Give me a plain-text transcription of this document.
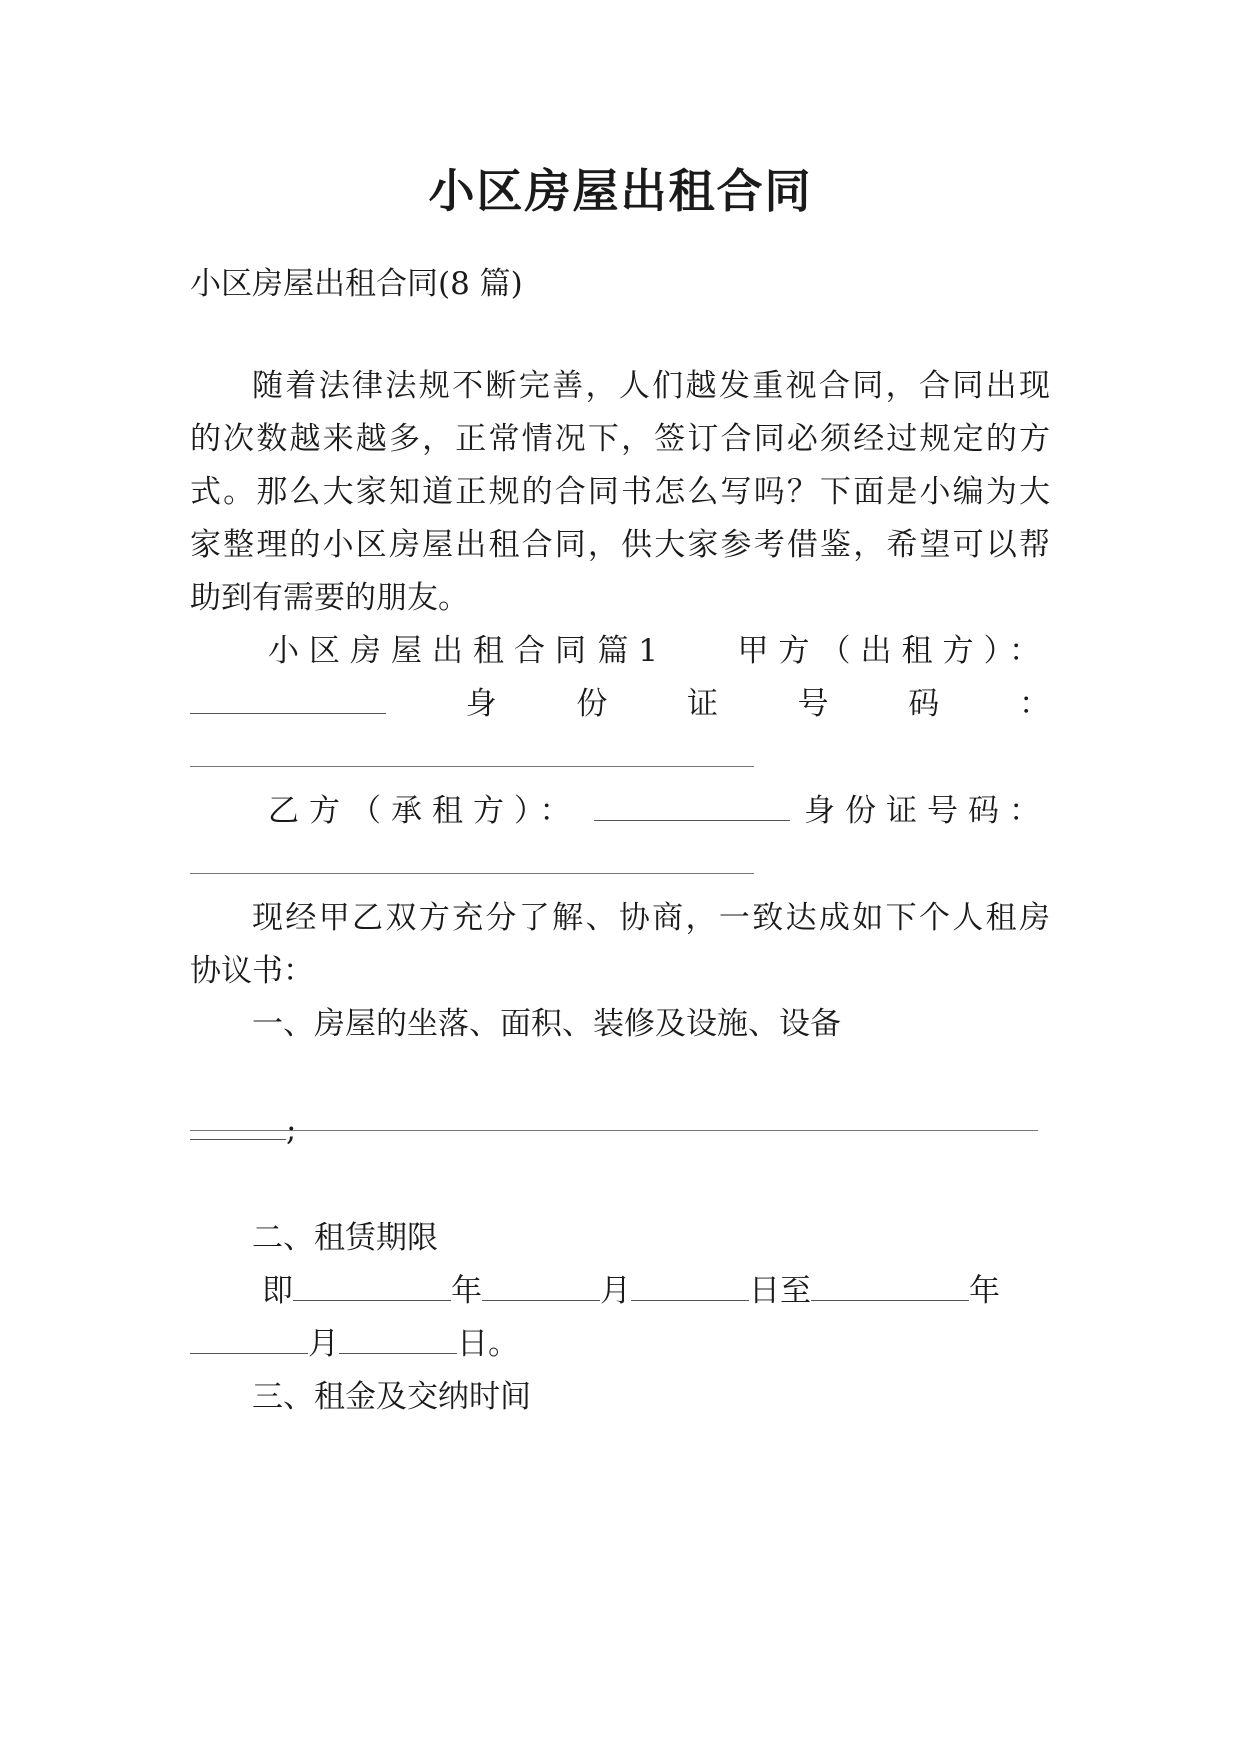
小区房屋出租合同

小区房屋出租合同(8 篇)

随着法律法规不断完善，人们越发重视合同，合同出现

的次数越来越多，正常情况下，签订合同必须经过规定的方

式。那么大家知道正规的合同书怎么写吗？下面是小编为大

家整理的小区房屋出租合同，供大家参考借鉴，希望可以帮

助到有需要的朋友。

小区房屋出租合同 篇 1	甲方（出租方）：
身	份	证	号	码	：
乙方（承租方）：	身份证号码：

现经甲乙双方充分了解、协商，一致达成如下个人租房

协议书：

一、房屋的坐落、面积、装修及设施、设备

;

二、租赁期限

即	年	月	日至	年
月	日。

三、租金及交纳时间
